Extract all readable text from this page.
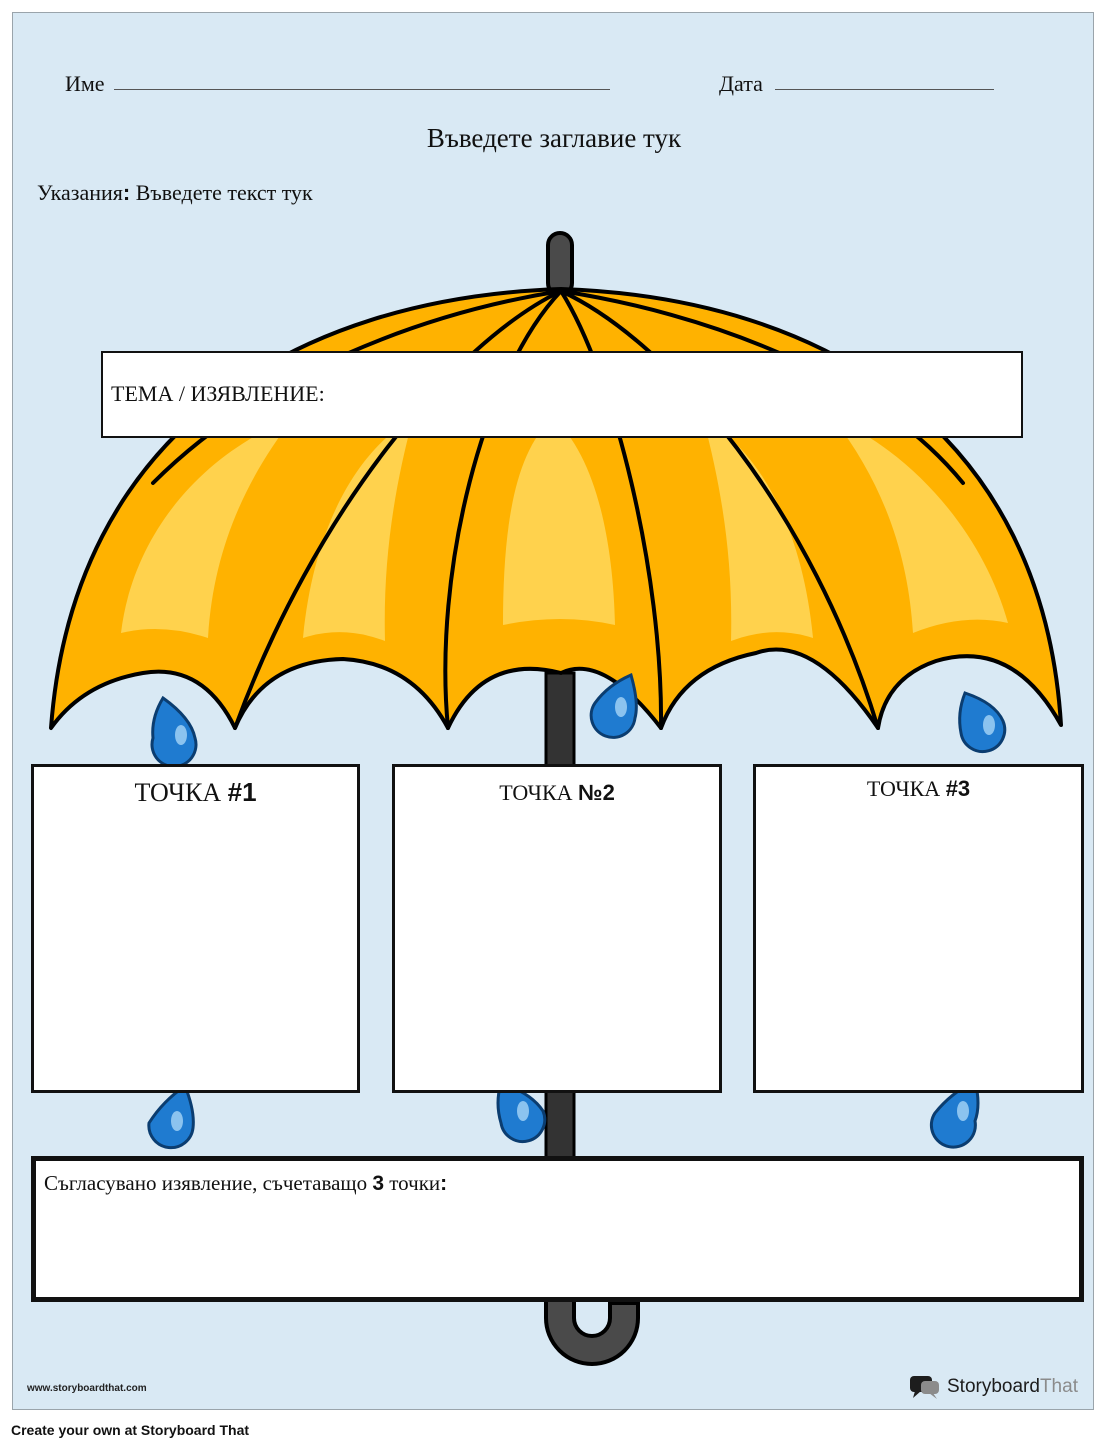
Име	Дата
Въведете заглавие тук
Указания: Въведете текст тук
ТЕМА / ИЗЯВЛЕНИЕ:
ТОЧКА #1	ТОЧКА №2	ТОЧКА #3
Съгласувано изявление, съчетаващо 3 точки:
www.storyboardthat.com	StoryboardThat
Create your own at Storyboard That
